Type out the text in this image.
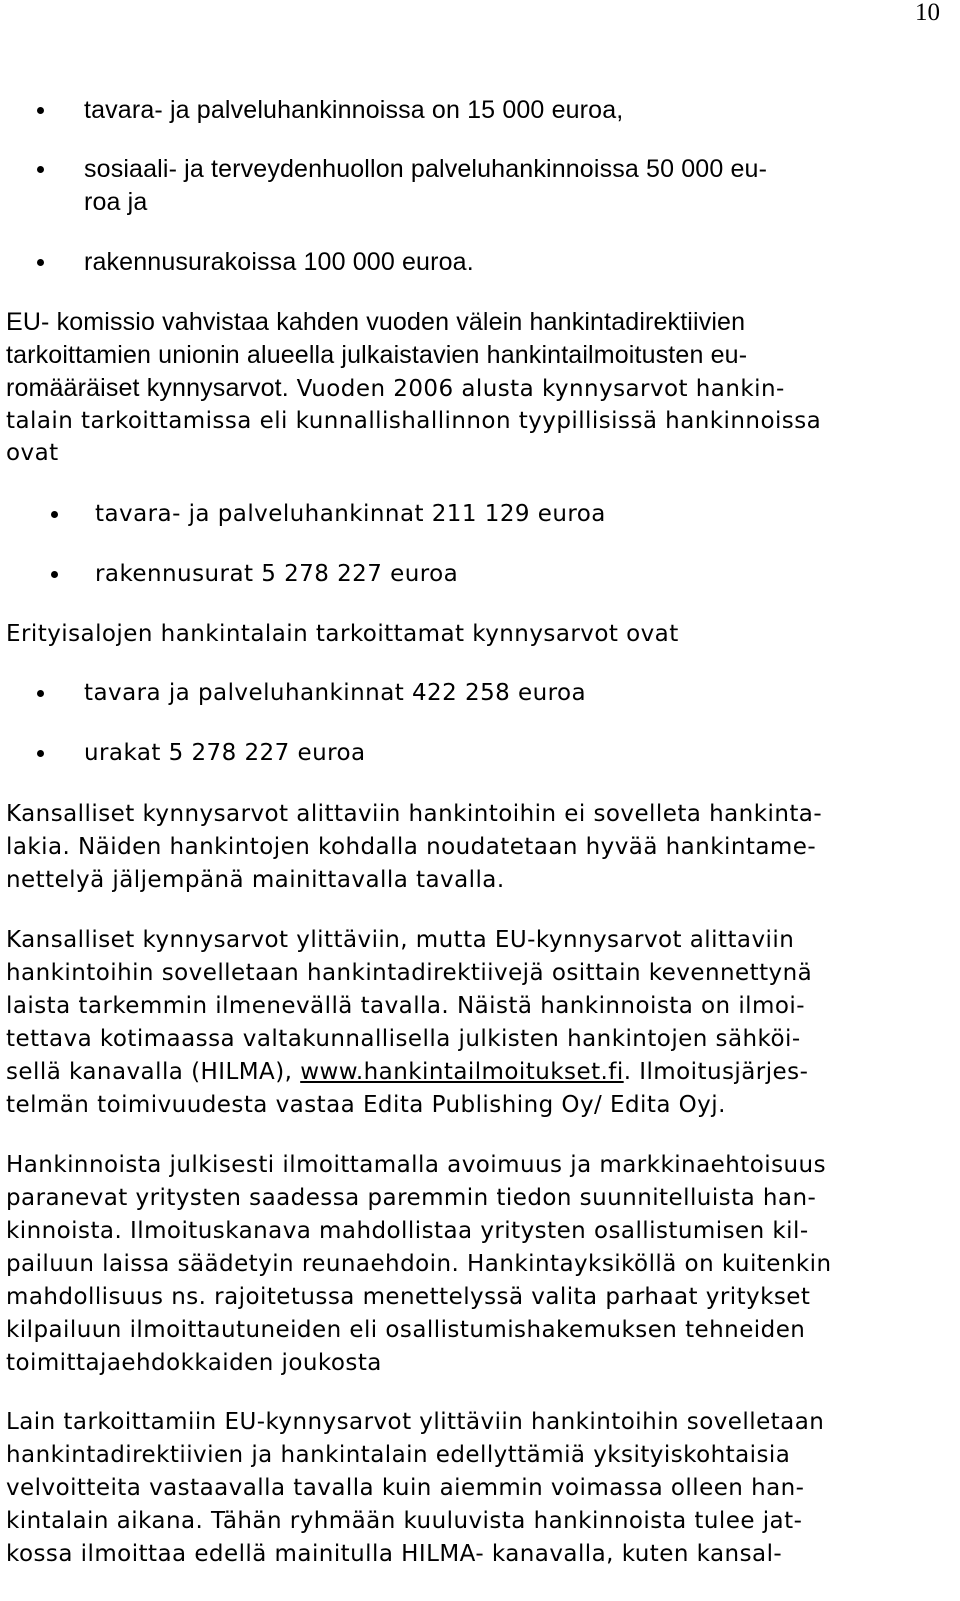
10
tavara- ja palveluhankinnoissa on 15 000 euroa,
sosiaali- ja terveydenhuollon palveluhankinnoissa 50 000 eu-
roa ja
rakennusurakoissa 100 000 euroa.
EU- komissio vahvistaa kahden vuoden välein hankintadirektiivien
tarkoittamien unionin alueella julkaistavien hankintailmoitusten eu-
romääräiset kynnysarvot. Vuoden 2006 alusta kynnysarvot hankin-
talain tarkoittamissa eli kunnallishallinnon tyypillisissä hankinnoissa
ovat
tavara- ja palveluhankinnat 211 129 euroa
rakennusurat 5 278 227 euroa
Erityisalojen hankintalain tarkoittamat kynnysarvot ovat
tavara ja palveluhankinnat 422 258 euroa
urakat 5 278 227 euroa
Kansalliset kynnysarvot alittaviin hankintoihin ei sovelleta hankinta-
lakia. Näiden hankintojen kohdalla noudatetaan hyvää hankintame-
nettelyä jäljempänä mainittavalla tavalla.
Kansalliset kynnysarvot ylittäviin, mutta EU-kynnysarvot alittaviin
hankintoihin sovelletaan hankintadirektiivejä osittain kevennettynä
laista tarkemmin ilmenevällä tavalla. Näistä hankinnoista on ilmoi-
tettava kotimaassa valtakunnallisella julkisten hankintojen sähköi-
sellä kanavalla (HILMA), www.hankintailmoitukset.fi. Ilmoitusjärjes-
telmän toimivuudesta vastaa Edita Publishing Oy/ Edita Oyj.
Hankinnoista julkisesti ilmoittamalla avoimuus ja markkinaehtoisuus
paranevat yritysten saadessa paremmin tiedon suunnitelluista han-
kinnoista. Ilmoituskanava mahdollistaa yritysten osallistumisen kil-
pailuun laissa säädetyin reunaehdoin. Hankintayksiköllä on kuitenkin
mahdollisuus ns. rajoitetussa menettelyssä valita parhaat yritykset
kilpailuun ilmoittautuneiden eli osallistumishakemuksen tehneiden
toimittajaehdokkaiden joukosta
Lain tarkoittamiin EU-kynnysarvot ylittäviin hankintoihin sovelletaan
hankintadirektiivien ja hankintalain edellyttämiä yksityiskohtaisia
velvoitteita vastaavalla tavalla kuin aiemmin voimassa olleen han-
kintalain aikana. Tähän ryhmään kuuluvista hankinnoista tulee jat-
kossa ilmoittaa edellä mainitulla HILMA- kanavalla, kuten kansal-
